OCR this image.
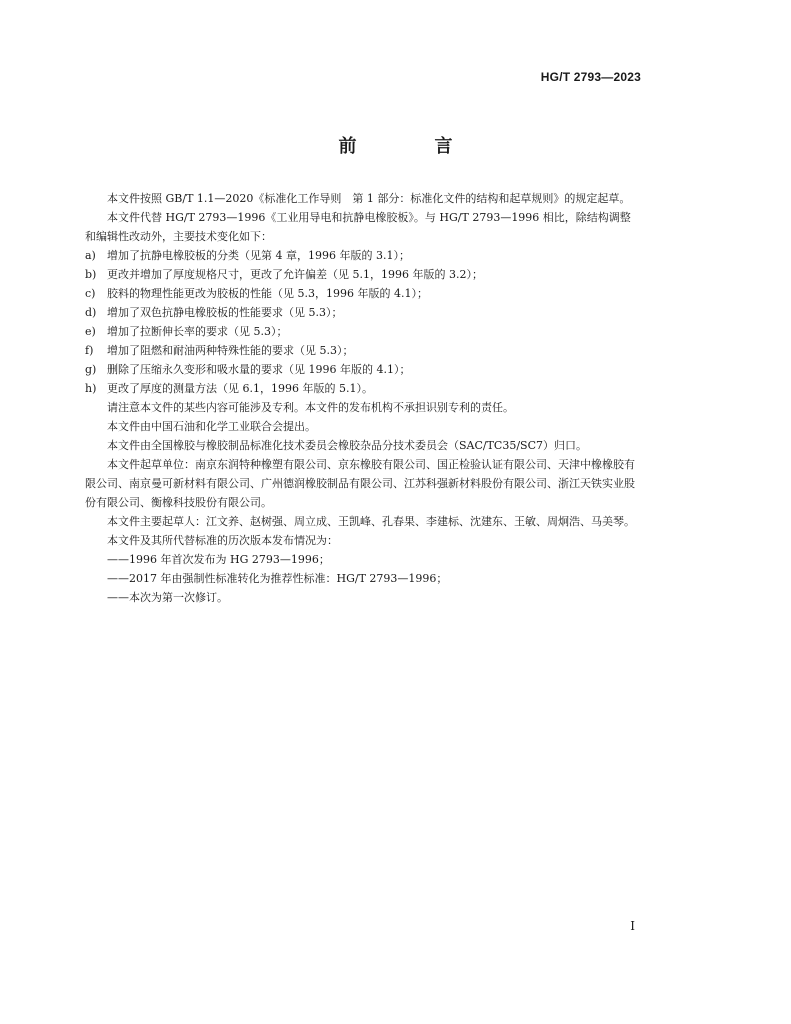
HG/T 2793—2023
前　言

本文件按照 GB/T 1.1—2020《标准化工作导则　第 1 部分：标准化文件的结构和起草规则》的规定起草。

本文件代替 HG/T 2793—1996《工业用导电和抗静电橡胶板》。与 HG/T 2793—1996 相比，除结构调整和编辑性改动外，主要技术变化如下：

a)	增加了抗静电橡胶板的分类（见第 4 章，1996 年版的 3.1）；
b) 更改并增加了厚度规格尺寸，更改了允许偏差（见 5.1，1996 年版的 3.2）；
c)	胶料的物理性能更改为胶板的性能（见 5.3，1996 年版的 4.1）；
d) 增加了双色抗静电橡胶板的性能要求（见 5.3）；
e)	增加了拉断伸长率的要求（见 5.3）；
f)	增加了阻燃和耐油两种特殊性能的要求（见 5.3）；
g) 删除了压缩永久变形和吸水量的要求（见 1996 年版的 4.1）；
h) 更改了厚度的测量方法（见 6.1，1996 年版的 5.1）。

请注意本文件的某些内容可能涉及专利。本文件的发布机构不承担识别专利的责任。

本文件由中国石油和化学工业联合会提出。

本文件由全国橡胶与橡胶制品标准化技术委员会橡胶杂品分技术委员会（SAC/TC35/SC7）归口。

本文件起草单位：南京东润特种橡塑有限公司、京东橡胶有限公司、国正检验认证有限公司、天津中橡橡胶有限公司、南京曼可新材料有限公司、广州德润橡胶制品有限公司、江苏科强新材料股份有限公司、浙江天铁实业股份有限公司、衡橡科技股份有限公司。

本文件主要起草人：江文养、赵树强、周立成、王凯峰、孔春果、李建标、沈建东、王敏、周炯浩、马美琴。

本文件及其所代替标准的历次版本发布情况为：

——1996 年首次发布为 HG 2793—1996；

——2017 年由强制性标准转化为推荐性标准：HG/T 2793—1996；

——本次为第一次修订。

I
